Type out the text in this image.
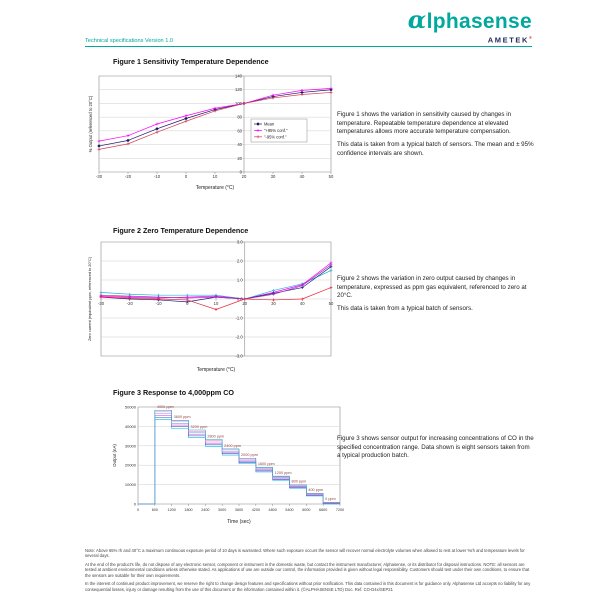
Technical specifications Version 1.0
αlphasense
AMETEK®
Figure 1 Sensitivity Temperature Dependence
0
20
40
60
80
100
120
140
-30	-20	-10	0	10	20	30	40	50
Temperature (°C)
% Output (referenced to 20°C)	Mean
"+95% conf."
"-95% conf."

Figure 1 shows the variation in sensitivity caused by changes in temperature. Repeatable temperature dependence at elevated temperatures allows more accurate temperature compensation.

This data is taken from a typical batch of sensors. The mean and ± 95% confidence intervals are shown.

Figure 2 Zero Temperature Dependence
-3.0
-2.0
-1.0
0.0
1.0
2.0
3.0
-30	-20	-10	0	10	20	30	40	50
Temperature (°C)
Zero current (equivalent ppm, referenced to 20°C)	Figure 2 shows the variation in zero output caused by changes in temperature, expressed as ppm gas equivalent, referenced to zero at 20°C.

This data is taken from a typical batch of sensors.

Figure 3 Response to 4,000ppm CO
0
10000
20000
30000
40000
50000
0	600	1200 1800 2400 3000 3600 4200 4800 5400 6000 6600 7200
Time (sec)
Output (nA)
4000 ppm
3600 ppm
3200 ppm
2800 ppm
2400 ppm
2000 ppm
1600 ppm
1200 ppm
800 ppm
400 ppm
0 ppm

Figure 3 shows sensor output for increasing concentrations of CO in the specified concentration range. Data shown is eight sensors taken from a typical production batch.

Note: Above 65% rh and 40°C a maximum continuous exposure period of 10 days is warranted. Where such exposure occurs the sensor will recover normal electrolyte volumes when allowed to rest at lower %rh and temperature levels for several days.

At the end of the product's life, do not dispose of any electronic sensor, component or instrument in the domestic waste, but contact the instrument manufacturer, Alphasense, or its distributor for disposal instructions. NOTE: all sensors are tested at ambient environmental conditions unless otherwise stated. As applications of use are outside our control, the information provided is given without legal responsibility. Customers should test under their own conditions, to ensure that the sensors are suitable for their own requirements.

In the interest of continued product improvement, we reserve the right to change design features and specifications without prior notification. This data contained in this document is for guidance only. Alphasense Ltd accepts no liability for any consequential losses, injury or damage resulting from the use of this document or the information contained within it. (©ALPHASENSE LTD) Doc. Ref. CO-D4x/SEP21
